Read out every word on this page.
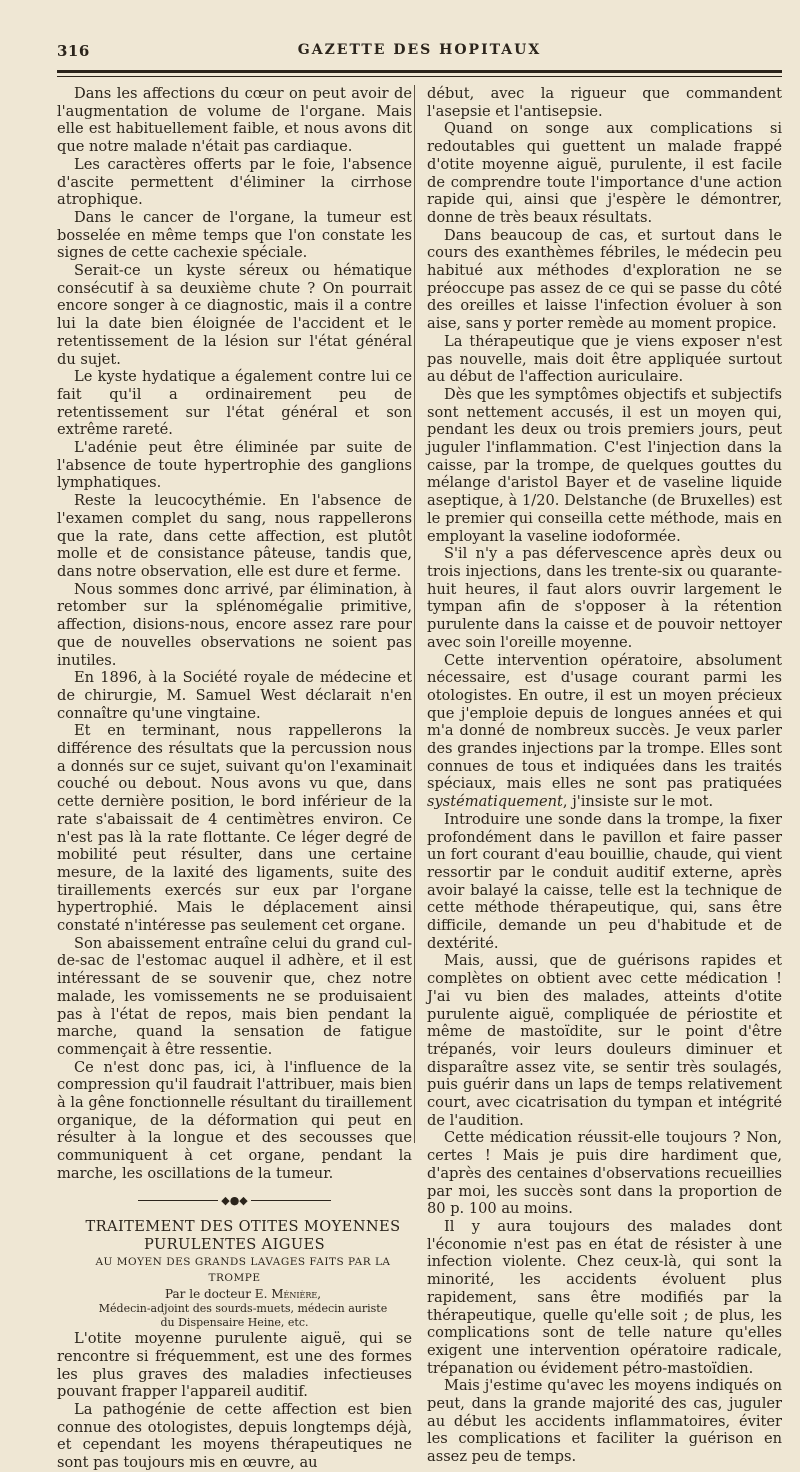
316	GAZETTE DES HOPITAUX

Dans les affections du cœur on peut avoir de l'augmentation de volume de l'organe. Mais elle est habituellement faible, et nous avons dit que notre malade n'était pas cardiaque.

Les caractères offerts par le foie, l'absence d'ascite permettent d'éliminer la cirrhose atrophique.

Dans le cancer de l'organe, la tumeur est bosselée en même temps que l'on constate les signes de cette cachexie spéciale.

Serait-ce un kyste séreux ou hématique consécutif à sa deuxième chute ? On pourrait encore songer à ce diagnostic, mais il a contre lui la date bien éloignée de l'accident et le retentissement de la lésion sur l'état général du sujet.

Le kyste hydatique a également contre lui ce fait qu'il a ordinairement peu de retentissement sur l'état général et son extrême rareté.

L'adénie peut être éliminée par suite de l'absence de toute hypertrophie des ganglions lymphatiques.

Reste la leucocythémie. En l'absence de l'examen complet du sang, nous rappellerons que la rate, dans cette affection, est plutôt molle et de consistance pâteuse, tandis que, dans notre observation, elle est dure et ferme.

Nous sommes donc arrivé, par élimination, à retomber sur la splénomégalie primitive, affection, disions-nous, encore assez rare pour que de nouvelles observations ne soient pas inutiles.

En 1896, à la Société royale de médecine et de chirurgie, M. Samuel West déclarait n'en connaître qu'une vingtaine.

Et en terminant, nous rappellerons la différence des résultats que la percussion nous a donnés sur ce sujet, suivant qu'on l'examinait couché ou debout. Nous avons vu que, dans cette dernière position, le bord inférieur de la rate s'abaissait de 4 centimètres environ. Ce n'est pas là la rate flottante. Ce léger degré de mobilité peut résulter, dans une certaine mesure, de la laxité des ligaments, suite des tiraillements exercés sur eux par l'organe hypertrophié. Mais le déplacement ainsi constaté n'intéresse pas seulement cet organe.

Son abaissement entraîne celui du grand cul-de-sac de l'estomac auquel il adhère, et il est intéressant de se souvenir que, chez notre malade, les vomissements ne se produisaient pas à l'état de repos, mais bien pendant la marche, quand la sensation de fatigue commençait à être ressentie.

Ce n'est donc pas, ici, à l'influence de la compression qu'il faudrait l'attribuer, mais bien à la gêne fonctionnelle résultant du tiraillement organique, de la déformation qui peut en résulter à la longue et des secousses que communiquent à cet organe, pendant la marche, les oscillations de la tumeur.

◆●◆

TRAITEMENT DES OTITES MOYENNES PURULENTES AIGUES

AU MOYEN DES GRANDS LAVAGES FAITS PAR LA TROMPE

Par le docteur E. Ménière,

Médecin-adjoint des sourds-muets, médecin auriste
du Dispensaire Heine, etc.

L'otite moyenne purulente aiguë, qui se rencontre si fréquemment, est une des formes les plus graves des maladies infectieuses pouvant frapper l'appareil auditif.

La pathogénie de cette affection est bien connue des otologistes, depuis longtemps déjà, et cependant les moyens thérapeutiques ne sont pas toujours mis en œuvre, au

début, avec la rigueur que commandent l'asepsie et l'antisepsie.

Quand on songe aux complications si redoutables qui guettent un malade frappé d'otite moyenne aiguë, purulente, il est facile de comprendre toute l'importance d'une action rapide qui, ainsi que j'espère le démontrer, donne de très beaux résultats.

Dans beaucoup de cas, et surtout dans le cours des exanthèmes fébriles, le médecin peu habitué aux méthodes d'exploration ne se préoccupe pas assez de ce qui se passe du côté des oreilles et laisse l'infection évoluer à son aise, sans y porter remède au moment propice.

La thérapeutique que je viens exposer n'est pas nouvelle, mais doit être appliquée surtout au début de l'affection auriculaire.

Dès que les symptômes objectifs et subjectifs sont nettement accusés, il est un moyen qui, pendant les deux ou trois premiers jours, peut juguler l'inflammation. C'est l'injection dans la caisse, par la trompe, de quelques gouttes du mélange d'aristol Bayer et de vaseline liquide aseptique, à 1/20. Delstanche (de Bruxelles) est le premier qui conseilla cette méthode, mais en employant la vaseline iodoformée.

S'il n'y a pas défervescence après deux ou trois injections, dans les trente-six ou quarante-huit heures, il faut alors ouvrir largement le tympan afin de s'opposer à la rétention purulente dans la caisse et de pouvoir nettoyer avec soin l'oreille moyenne.

Cette intervention opératoire, absolument nécessaire, est d'usage courant parmi les otologistes. En outre, il est un moyen précieux que j'emploie depuis de longues années et qui m'a donné de nombreux succès. Je veux parler des grandes injections par la trompe. Elles sont connues de tous et indiquées dans les traités spéciaux, mais elles ne sont pas pratiquées systématiquement, j'insiste sur le mot.

Introduire une sonde dans la trompe, la fixer profondément dans le pavillon et faire passer un fort courant d'eau bouillie, chaude, qui vient ressortir par le conduit auditif externe, après avoir balayé la caisse, telle est la technique de cette méthode thérapeutique, qui, sans être difficile, demande un peu d'habitude et de dextérité.

Mais, aussi, que de guérisons rapides et complètes on obtient avec cette médication ! J'ai vu bien des malades, atteints d'otite purulente aiguë, compliquée de périostite et même de mastoïdite, sur le point d'être trépanés, voir leurs douleurs diminuer et disparaître assez vite, se sentir très soulagés, puis guérir dans un laps de temps relativement court, avec cicatrisation du tympan et intégrité de l'audition.

Cette médication réussit-elle toujours ? Non, certes ! Mais je puis dire hardiment que, d'après des centaines d'observations recueillies par moi, les succès sont dans la proportion de 80 p. 100 au moins.

Il y aura toujours des malades dont l'économie n'est pas en état de résister à une infection violente. Chez ceux-là, qui sont la minorité, les accidents évoluent plus rapidement, sans être modifiés par la thérapeutique, quelle qu'elle soit ; de plus, les complications sont de telle nature qu'elles exigent une intervention opératoire radicale, trépanation ou évidement pétro-mastoïdien.

Mais j'estime qu'avec les moyens indiqués on peut, dans la grande majorité des cas, juguler au début les accidents inflammatoires, éviter les complications et faciliter la guérison en assez peu de temps.
